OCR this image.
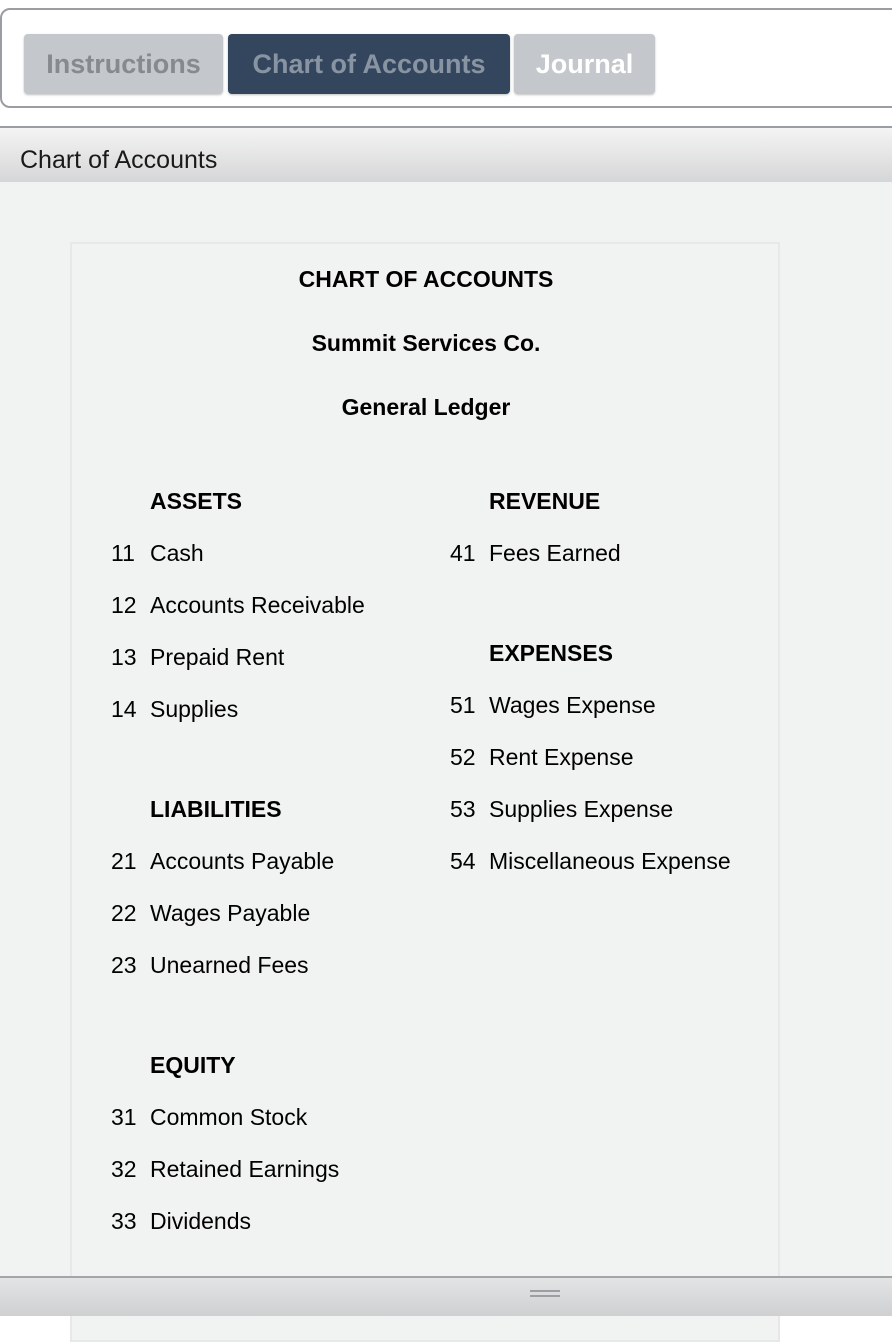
Instructions	Chart of Accounts	Journal
Chart of Accounts
CHART OF ACCOUNTS
Summit Services Co.
General Ledger
ASSETS
11 Cash
12 Accounts Receivable
13 Prepaid Rent
14 Supplies
LIABILITIES
21 Accounts Payable
22 Wages Payable
23 Unearned Fees
EQUITY
31 Common Stock
32 Retained Earnings
33 Dividends
REVENUE
41 Fees Earned
EXPENSES
51 Wages Expense
52 Rent Expense
53 Supplies Expense
54 Miscellaneous Expense
